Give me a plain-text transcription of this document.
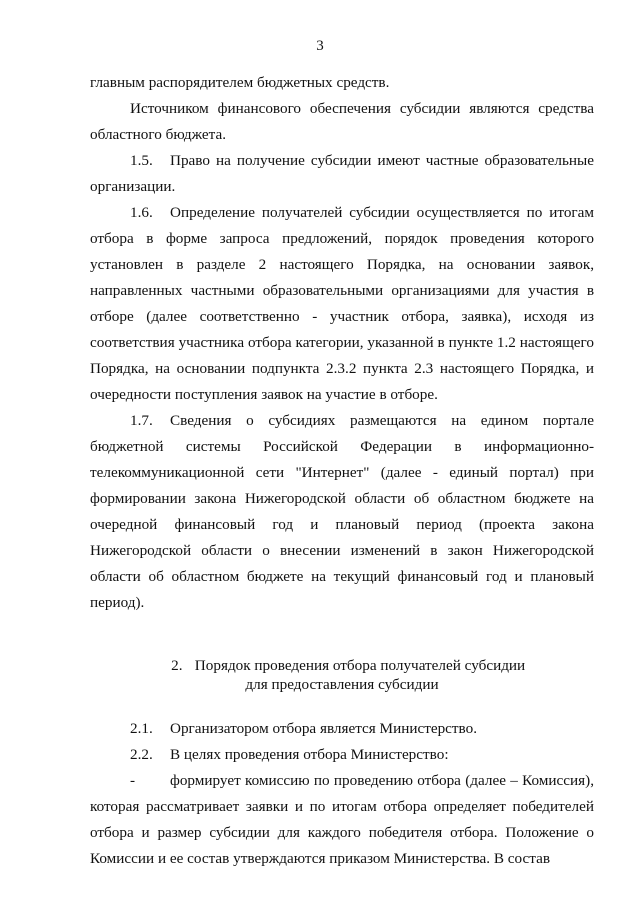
3

главным распорядителем бюджетных средств.

Источником финансового обеспечения субсидии являются средства областного бюджета.

1.5. Право на получение субсидии имеют частные образовательные организации.

1.6. Определение получателей субсидии осуществляется по итогам отбора в форме запроса предложений, порядок проведения которого установлен в разделе 2 настоящего Порядка, на основании заявок, направленных частными образовательными организациями для участия в отборе (далее соответственно - участник отбора, заявка), исходя из соответствия участника отбора категории, указанной в пункте 1.2 настоящего Порядка, на основании подпункта 2.3.2 пункта 2.3 настоящего Порядка, и очередности поступления заявок на участие в отборе.

1.7. Сведения о субсидиях размещаются на едином портале бюджетной системы Российской Федерации в информационно-телекоммуникационной сети "Интернет" (далее - единый портал) при формировании закона Нижегородской области об областном бюджете на очередной финансовый год и плановый период (проекта закона Нижегородской области о внесении изменений в закон Нижегородской области об областном бюджете на текущий финансовый год и плановый период).

2. Порядок проведения отбора получателей субсидии
для предоставления субсидии

2.1. Организатором отбора является Министерство.

2.2. В целях проведения отбора Министерство:

- формирует комиссию по проведению отбора (далее – Комиссия), которая рассматривает заявки и по итогам отбора определяет победителей отбора и размер субсидии для каждого победителя отбора. Положение о Комиссии и ее состав утверждаются приказом Министерства. В состав
